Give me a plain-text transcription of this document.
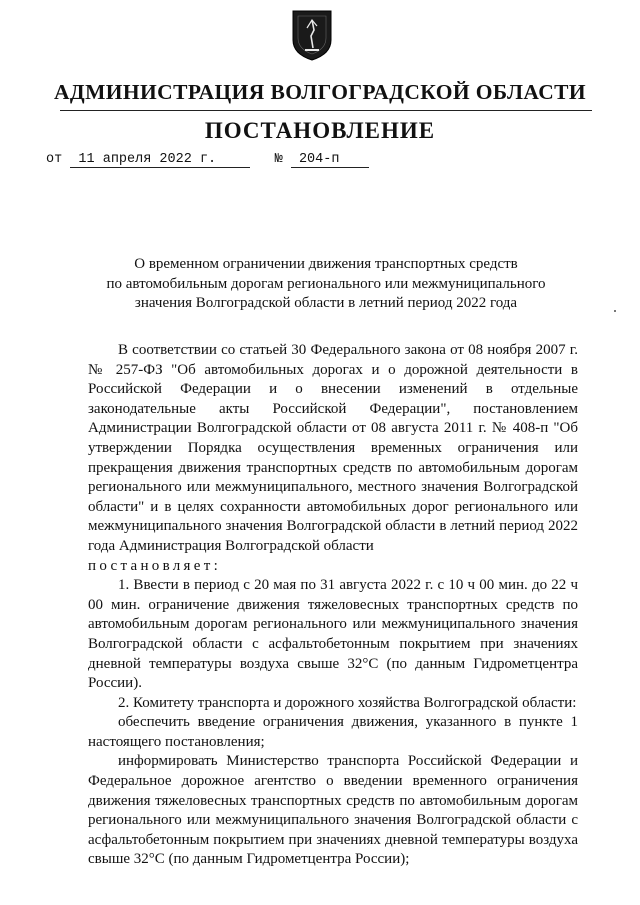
АДМИНИСТРАЦИЯ ВОЛГОГРАДСКОЙ ОБЛАСТИ
ПОСТАНОВЛЕНИЕ
от 11 апреля 2022 г.	№ 204-п
О временном ограничении движения транспортных средств
по автомобильным дорогам регионального или межмуниципального
значения Волгоградской области в летний период 2022 года

В соответствии со статьей 30 Федерального закона от 08 ноября 2007 г. № 257-ФЗ "Об автомобильных дорогах и о дорожной деятельности в Российской Федерации и о внесении изменений в отдельные законодательные акты Российской Федерации", постановлением Администрации Волгоградской области от 08 августа 2011 г. № 408-п "Об утверждении Порядка осуществления временных ограничения или прекращения движения транспортных средств по автомобильным дорогам регионального или межмуниципального, местного значения Волгоградской области" и в целях сохранности автомобильных дорог регионального или межмуниципального значения Волгоградской области в летний период 2022 года Администрация Волгоградской области

постановляет:

1. Ввести в период с 20 мая по 31 августа 2022 г. с 10 ч 00 мин. до 22 ч 00 мин. ограничение движения тяжеловесных транспортных средств по автомобильным дорогам регионального или межмуниципального значения Волгоградской области с асфальтобетонным покрытием при значениях дневной температуры воздуха свыше 32°С (по данным Гидрометцентра России).

2. Комитету транспорта и дорожного хозяйства Волгоградской области:

обеспечить введение ограничения движения, указанного в пункте 1 настоящего постановления;

информировать Министерство транспорта Российской Федерации и Федеральное дорожное агентство о введении временного ограничения движения тяжеловесных транспортных средств по автомобильным дорогам регионального или межмуниципального значения Волгоградской области с асфальтобетонным покрытием при значениях дневной температуры воздуха свыше 32°С (по данным Гидрометцентра России);
